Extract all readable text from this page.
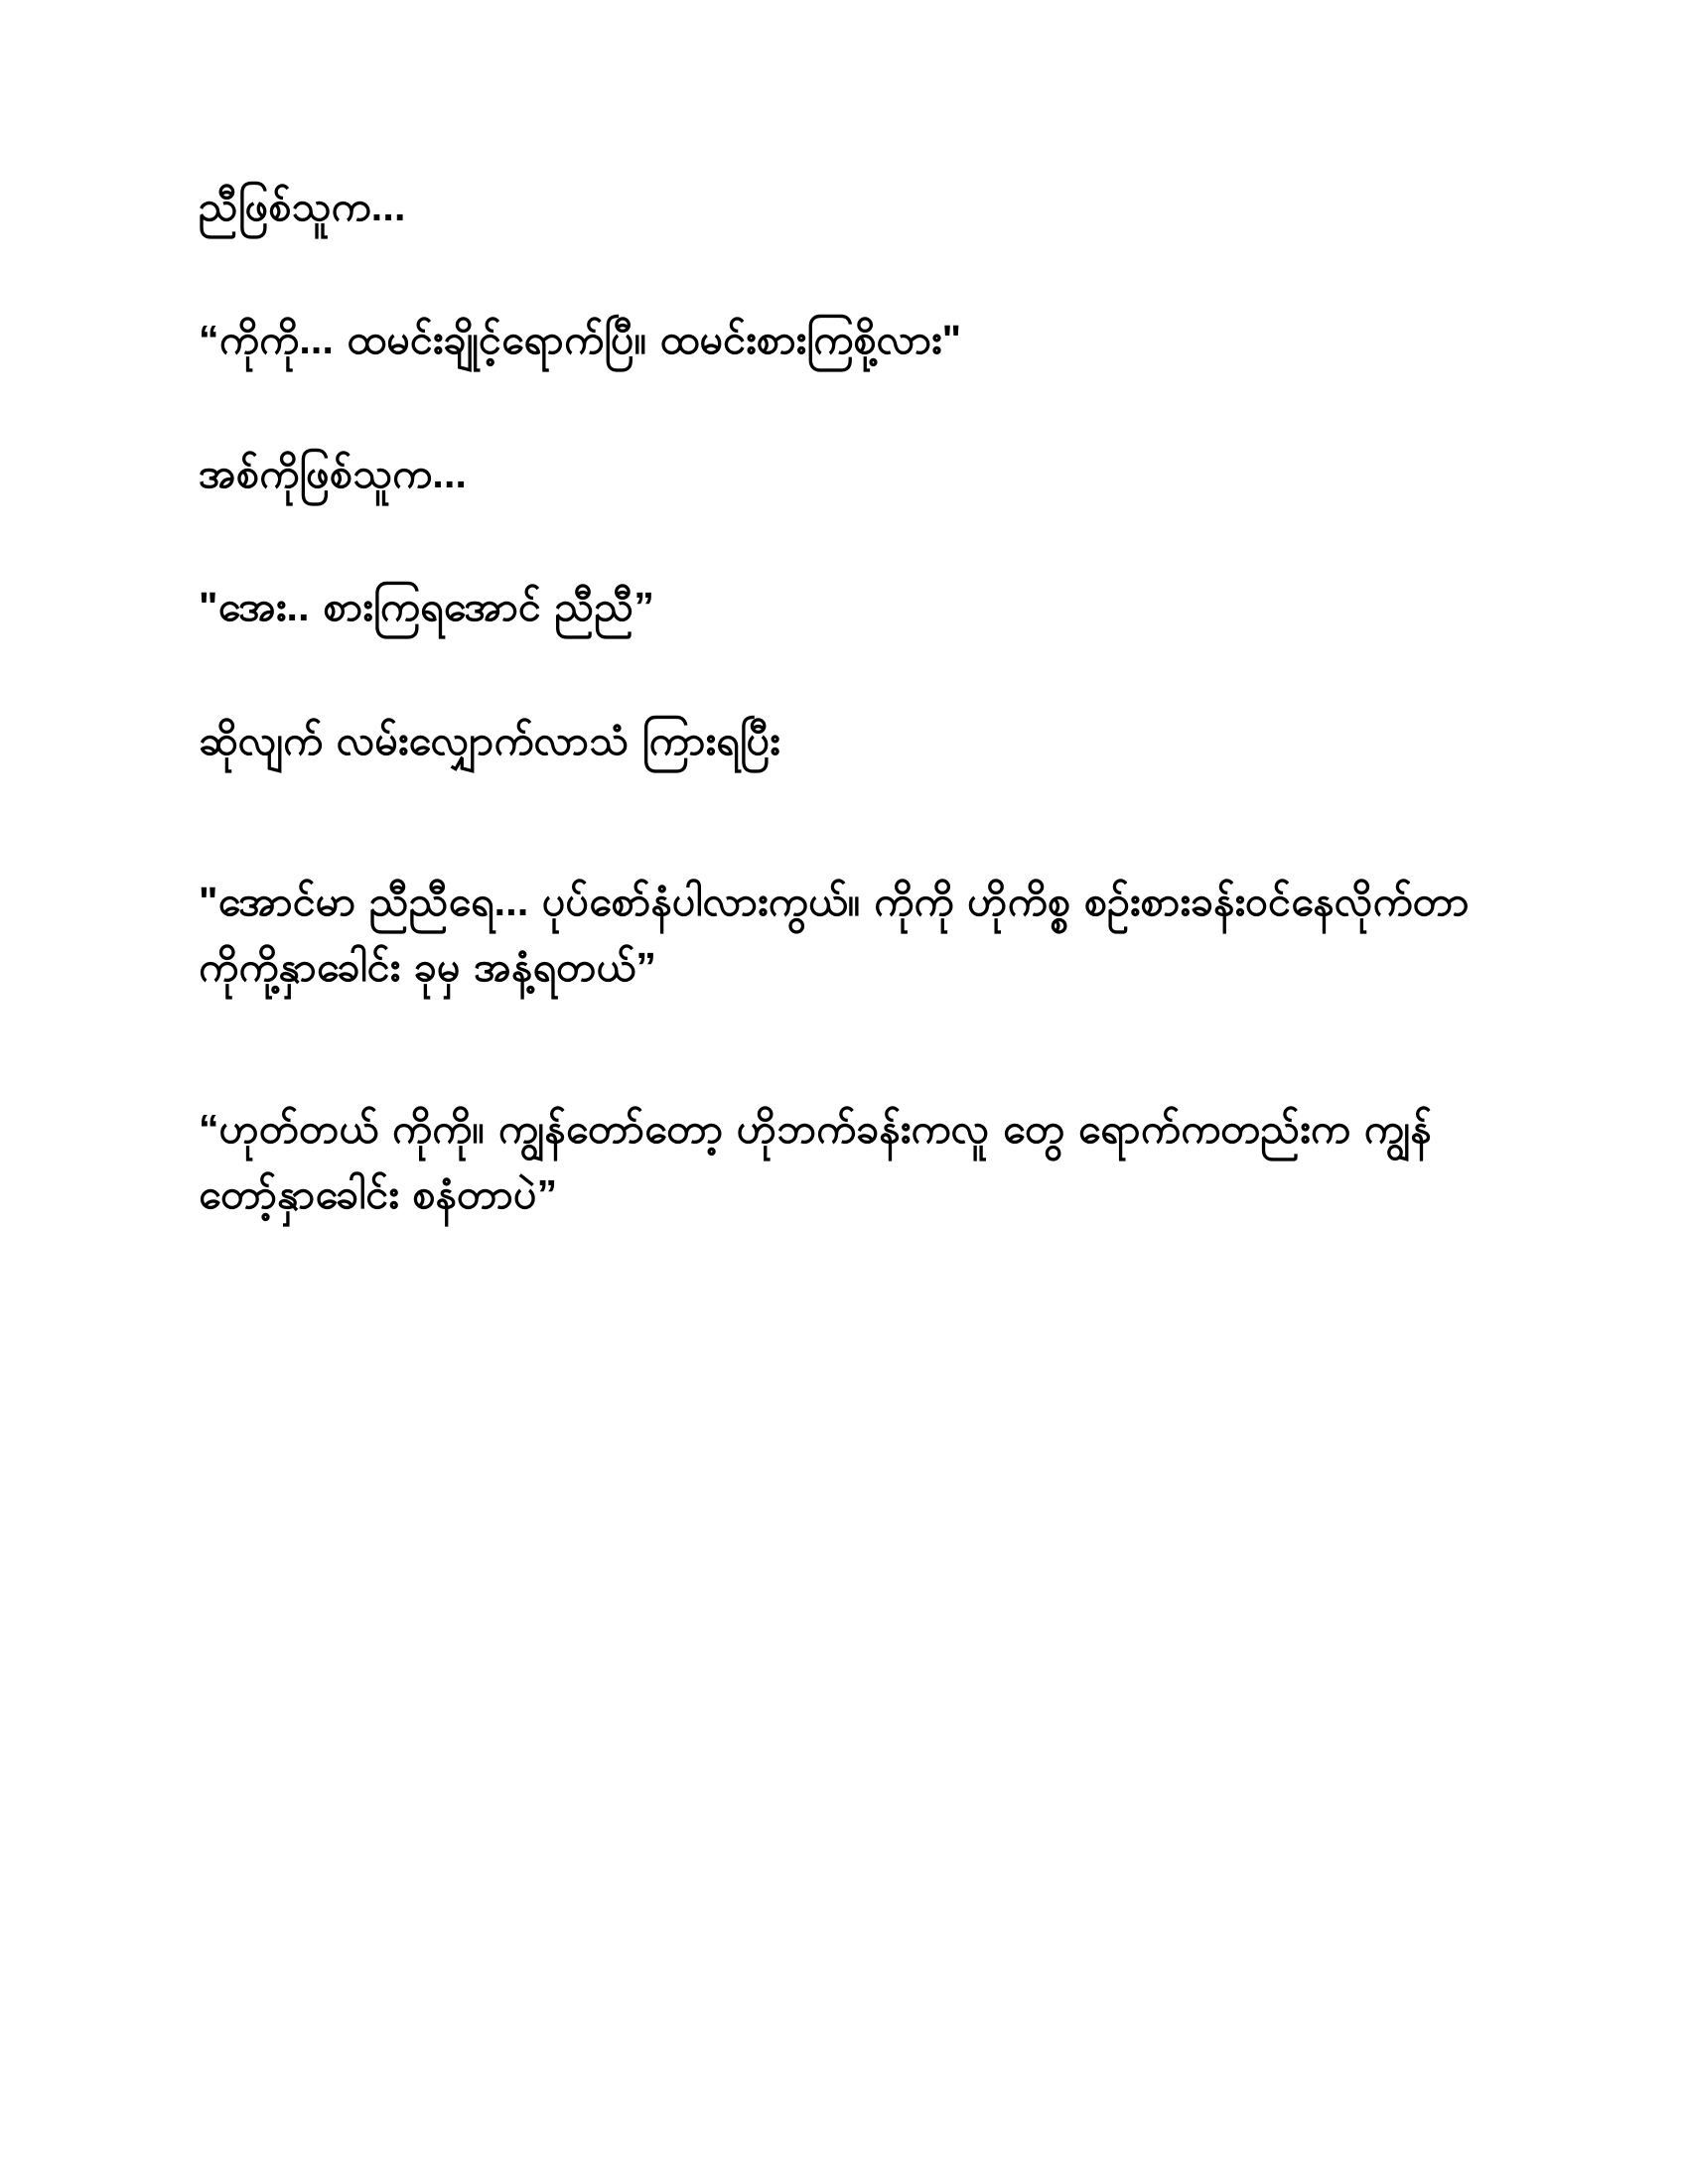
ညီဖြစ်သူက...

“ကိုကို... ထမင်းချိုင့်ရောက်ပြီ။ ထမင်းစားကြစို့လား"

အစ်ကိုဖြစ်သူက...

"အေး.. စားကြရအောင် ညီညီ”

ဆိုလျက် လမ်းလျှောက်လာသံ ကြားရပြီး

"အောင်မာ ညီညီရေ... ပုပ်စော်နံပါလားကွယ်။ ကိုကို ဟိုကိစ္စ စဉ်းစားခန်းဝင်နေလိုက်တာ ကိုကို့နှာခေါင်း ခုမှ အနံ့ရတယ်”

“ဟုတ်တယ် ကိုကို။ ကျွန်တော်တော့ ဟိုဘက်ခန်းကလူ တွေ ရောက်ကတည်းက ကျွန်တော့်နှာခေါင်း စနံတာပဲ”
